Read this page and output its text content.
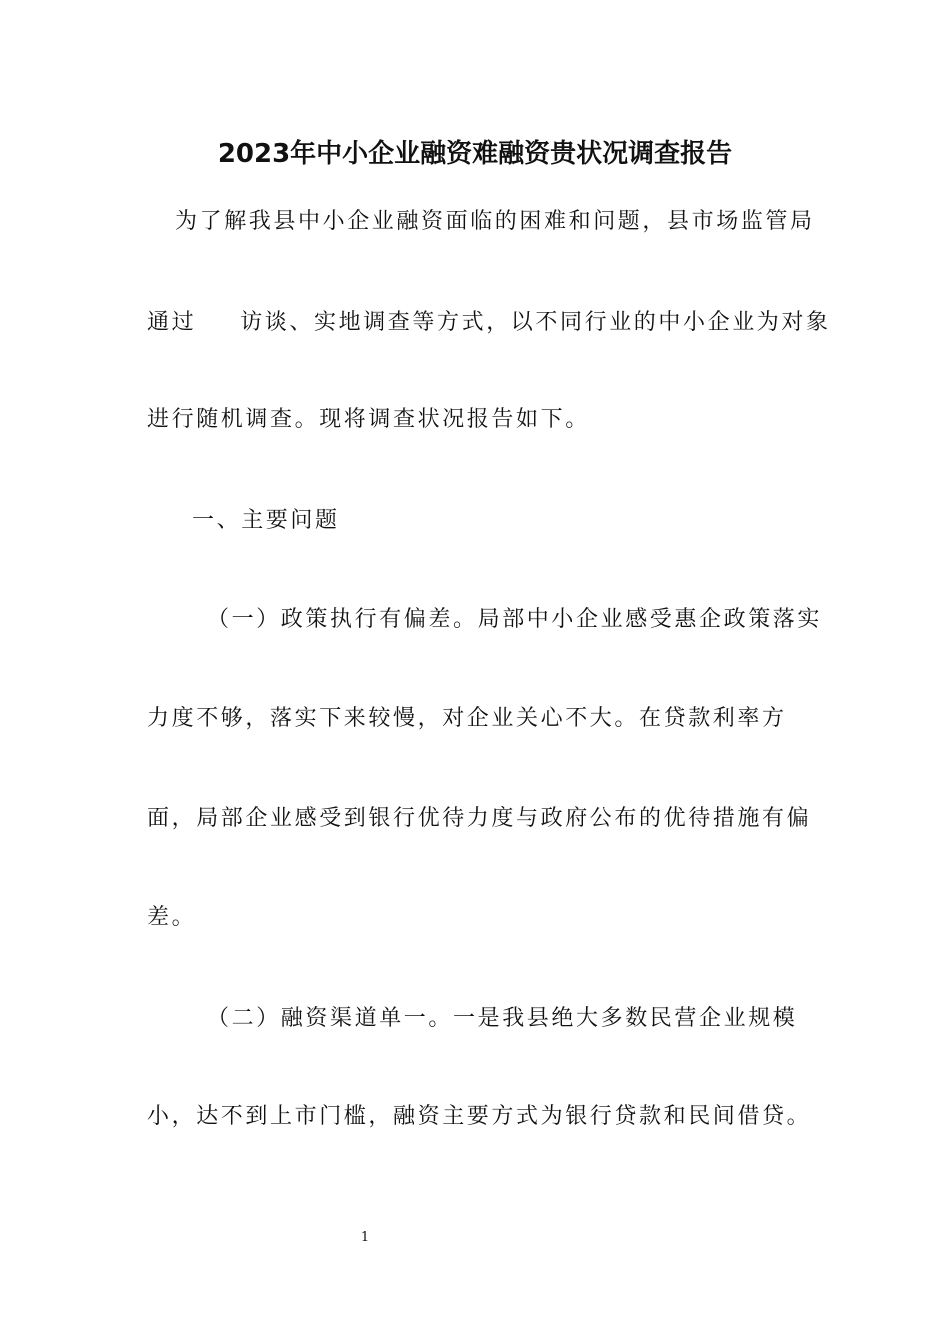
2023年中小企业融资难融资贵状况调查报告
为了解我县中小企业融资面临的困难和问题，县市场监管局
通过 访谈、实地调查等方式，以不同行业的中小企业为对象
进行随机调查。现将调查状况报告如下。
一、主要问题
（一）政策执行有偏差。局部中小企业感受惠企政策落实
力度不够，落实下来较慢，对企业关心不大。在贷款利率方
面，局部企业感受到银行优待力度与政府公布的优待措施有偏
差。
（二）融资渠道单一。一是我县绝大多数民营企业规模
小，达不到上市门槛，融资主要方式为银行贷款和民间借贷。
1
